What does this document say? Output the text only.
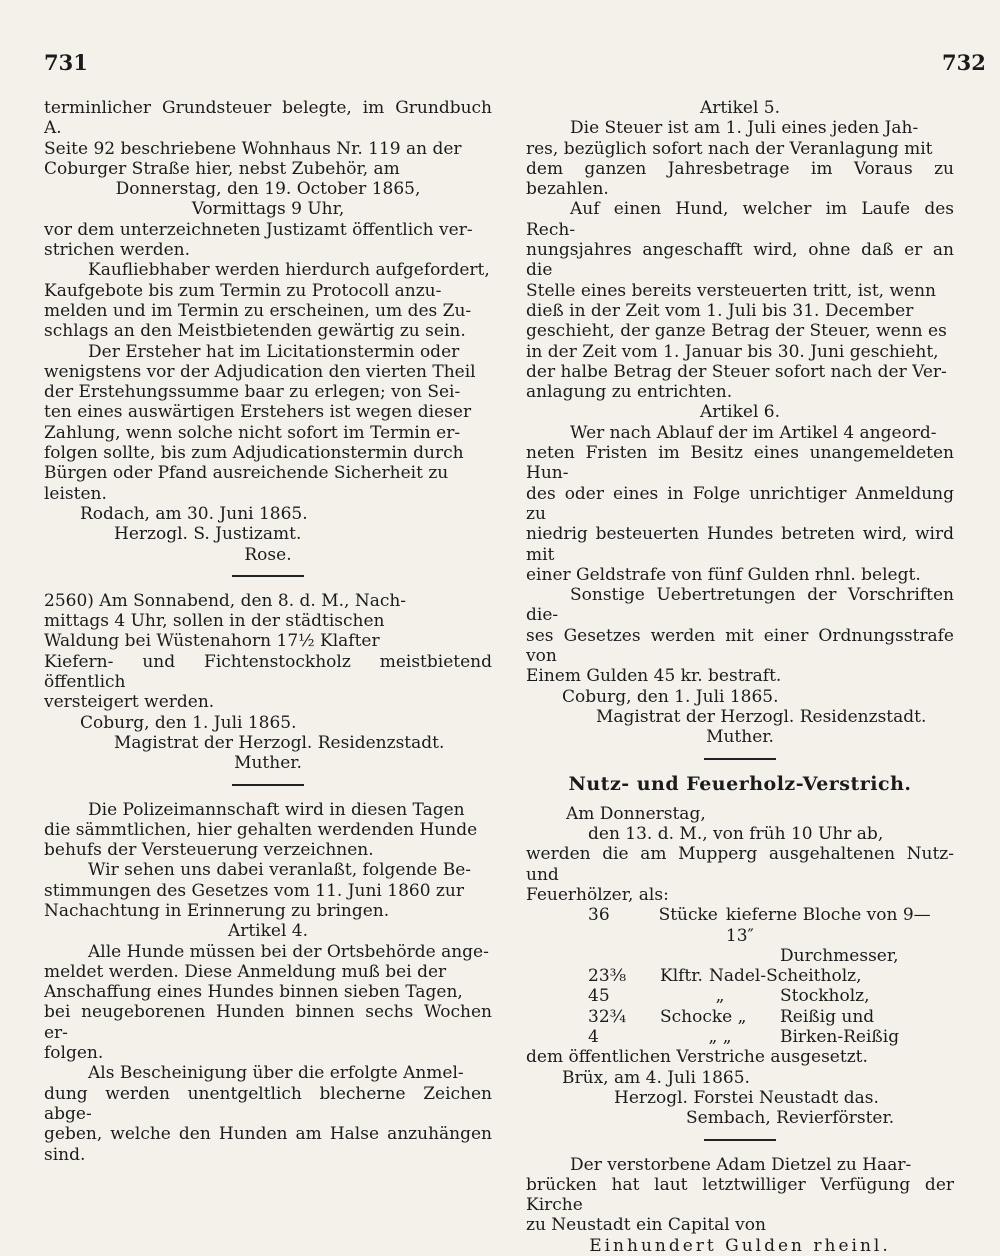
731	732

terminlicher Grundsteuer belegte, im Grundbuch A.

Seite 92 beschriebene Wohnhaus Nr. 119 an der

Coburger Straße hier, nebst Zubehör, am

Donnerstag, den 19. October 1865,

Vormittags 9 Uhr,

vor dem unterzeichneten Justizamt öffentlich ver-

strichen werden.

Kaufliebhaber werden hierdurch aufgefordert,

Kaufgebote bis zum Termin zu Protocoll anzu-

melden und im Termin zu erscheinen, um des Zu-

schlags an den Meistbietenden gewärtig zu sein.

Der Ersteher hat im Licitationstermin oder

wenigstens vor der Adjudication den vierten Theil

der Erstehungssumme baar zu erlegen; von Sei-

ten eines auswärtigen Erstehers ist wegen dieser

Zahlung, wenn solche nicht sofort im Termin er-

folgen sollte, bis zum Adjudicationstermin durch

Bürgen oder Pfand ausreichende Sicherheit zu

leisten.

Rodach, am 30. Juni 1865.

Herzogl. S. Justizamt.

Rose.

2560) Am Sonnabend, den 8. d. M., Nach-

mittags 4 Uhr, sollen in der städtischen

Waldung bei Wüstenahorn 17½ Klafter

Kiefern- und Fichtenstockholz meistbietend öffentlich

versteigert werden.

Coburg, den 1. Juli 1865.

Magistrat der Herzogl. Residenzstadt.

Muther.

Die Polizeimannschaft wird in diesen Tagen

die sämmtlichen, hier gehalten werdenden Hunde

behufs der Versteuerung verzeichnen.

Wir sehen uns dabei veranlaßt, folgende Be-

stimmungen des Gesetzes vom 11. Juni 1860 zur

Nachachtung in Erinnerung zu bringen.

Artikel 4.

Alle Hunde müssen bei der Ortsbehörde ange-

meldet werden. Diese Anmeldung muß bei der

Anschaffung eines Hundes binnen sieben Tagen,

bei neugeborenen Hunden binnen sechs Wochen er-

folgen.

Als Bescheinigung über die erfolgte Anmel-

dung werden unentgeltlich blecherne Zeichen abge-

geben, welche den Hunden am Halse anzuhängen sind.

Artikel 5.

Die Steuer ist am 1. Juli eines jeden Jah-

res, bezüglich sofort nach der Veranlagung mit

dem ganzen Jahresbetrage im Voraus zu bezahlen.

Auf einen Hund, welcher im Laufe des Rech-

nungsjahres angeschafft wird, ohne daß er an die

Stelle eines bereits versteuerten tritt, ist, wenn

dieß in der Zeit vom 1. Juli bis 31. December

geschieht, der ganze Betrag der Steuer, wenn es

in der Zeit vom 1. Januar bis 30. Juni geschieht,

der halbe Betrag der Steuer sofort nach der Ver-

anlagung zu entrichten.

Artikel 6.

Wer nach Ablauf der im Artikel 4 angeord-

neten Fristen im Besitz eines unangemeldeten Hun-

des oder eines in Folge unrichtiger Anmeldung zu

niedrig besteuerten Hundes betreten wird, wird mit

einer Geldstrafe von fünf Gulden rhnl. belegt.

Sonstige Uebertretungen der Vorschriften die-

ses Gesetzes werden mit einer Ordnungsstrafe von

Einem Gulden 45 kr. bestraft.

Coburg, den 1. Juli 1865.

Magistrat der Herzogl. Residenzstadt.

Muther.

Nutz- und Feuerholz-Verstrich.

Am Donnerstag,

den 13. d. M., von früh 10 Uhr ab,

werden die am Mupperg ausgehaltenen Nutz- und

Feuerhölzer, als:

36	Stücke kieferne Bloche von 9—13″
Durchmesser,
23⅜	Klftr. Nadel-Scheitholz,
45	„	Stockholz,
32¾	Schocke „	Reißig und
4	„ „	Birken-Reißig

dem öffentlichen Verstriche ausgesetzt.

Brüx, am 4. Juli 1865.

Herzogl. Forstei Neustadt das.

Sembach, Revierförster.

Der verstorbene Adam Dietzel zu Haar-

brücken hat laut letztwilliger Verfügung der Kirche

zu Neustadt ein Capital von

Einhundert Gulden rheinl.
